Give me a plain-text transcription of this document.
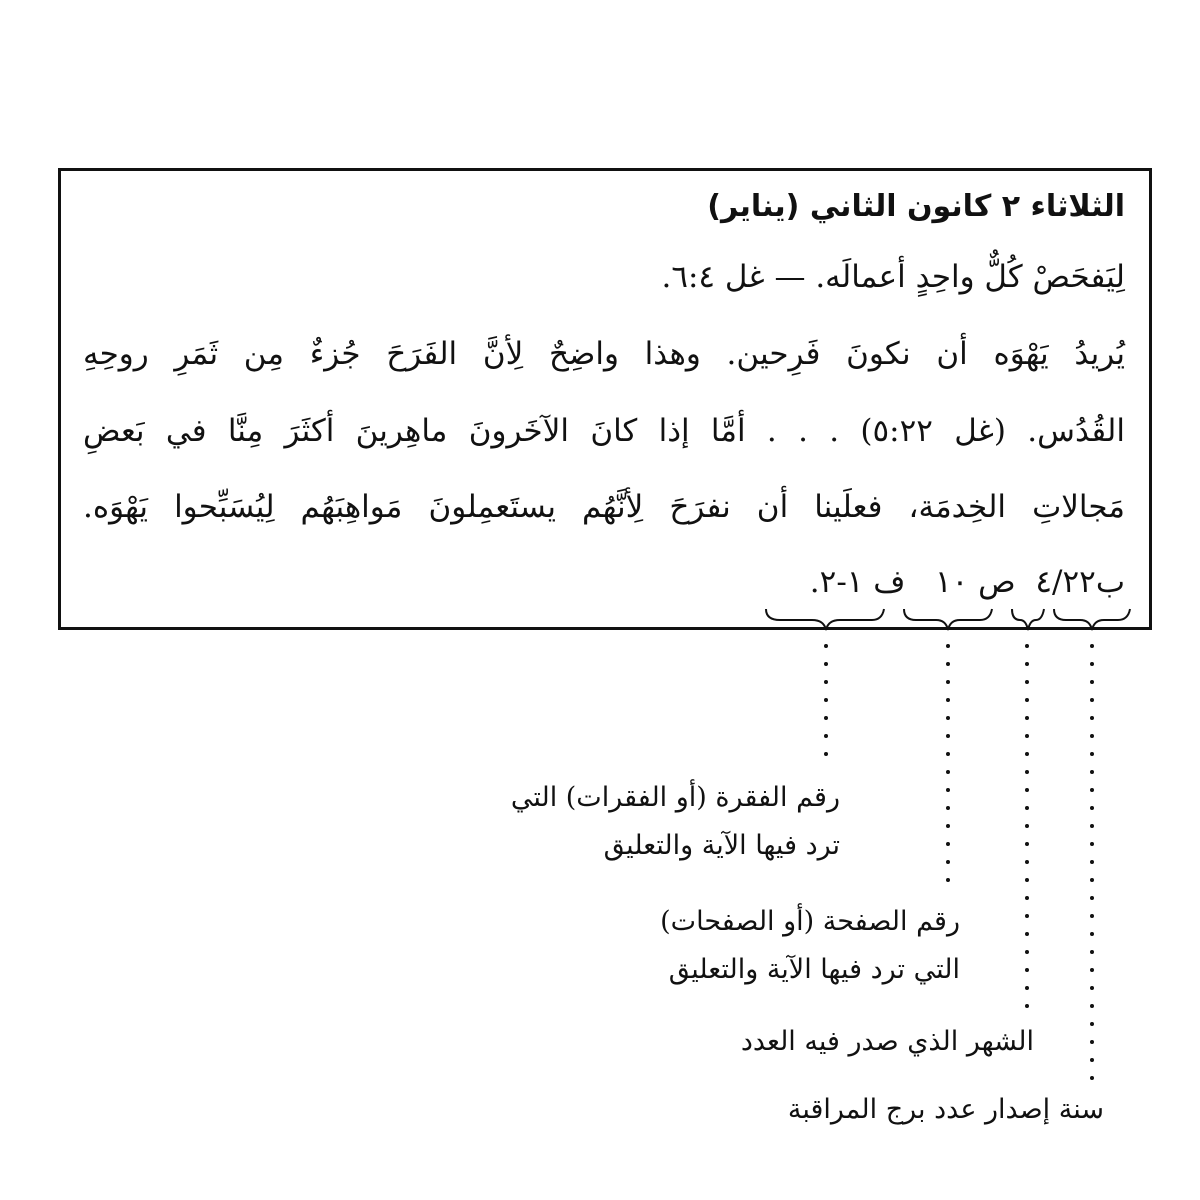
الثلاثاء ٢ كانون الثاني (يناير)
لِيَفحَصْ كُلٌّ واحِدٍ أعمالَه. — غل ٦:٤.
يُريدُ يَهْوَه أن نكونَ فَرِحين. وهذا واضِحٌ لِأنَّ الفَرَحَ جُزءٌ مِن ثَمَرِ روحِهِ
القُدُس. (غل ٥:٢٢) . . . أمَّا إذا كانَ الآخَرونَ ماهِرينَ أكثَرَ مِنَّا في بَعضِ
مَجالاتِ الخِدمَة، فعلَينا أن نفرَحَ لِأنَّهُم يستَعمِلونَ مَواهِبَهُم لِيُسَبِّحوا يَهْوَه.
ب٢٢/٤  ص ١٠   ف ١-٢.
رقم الفقرة (أو الفقرات) التي
ترد فيها الآية والتعليق
رقم الصفحة (أو الصفحات)
التي ترد فيها الآية والتعليق
الشهر الذي صدر فيه العدد
سنة إصدار عدد برج المراقبة
